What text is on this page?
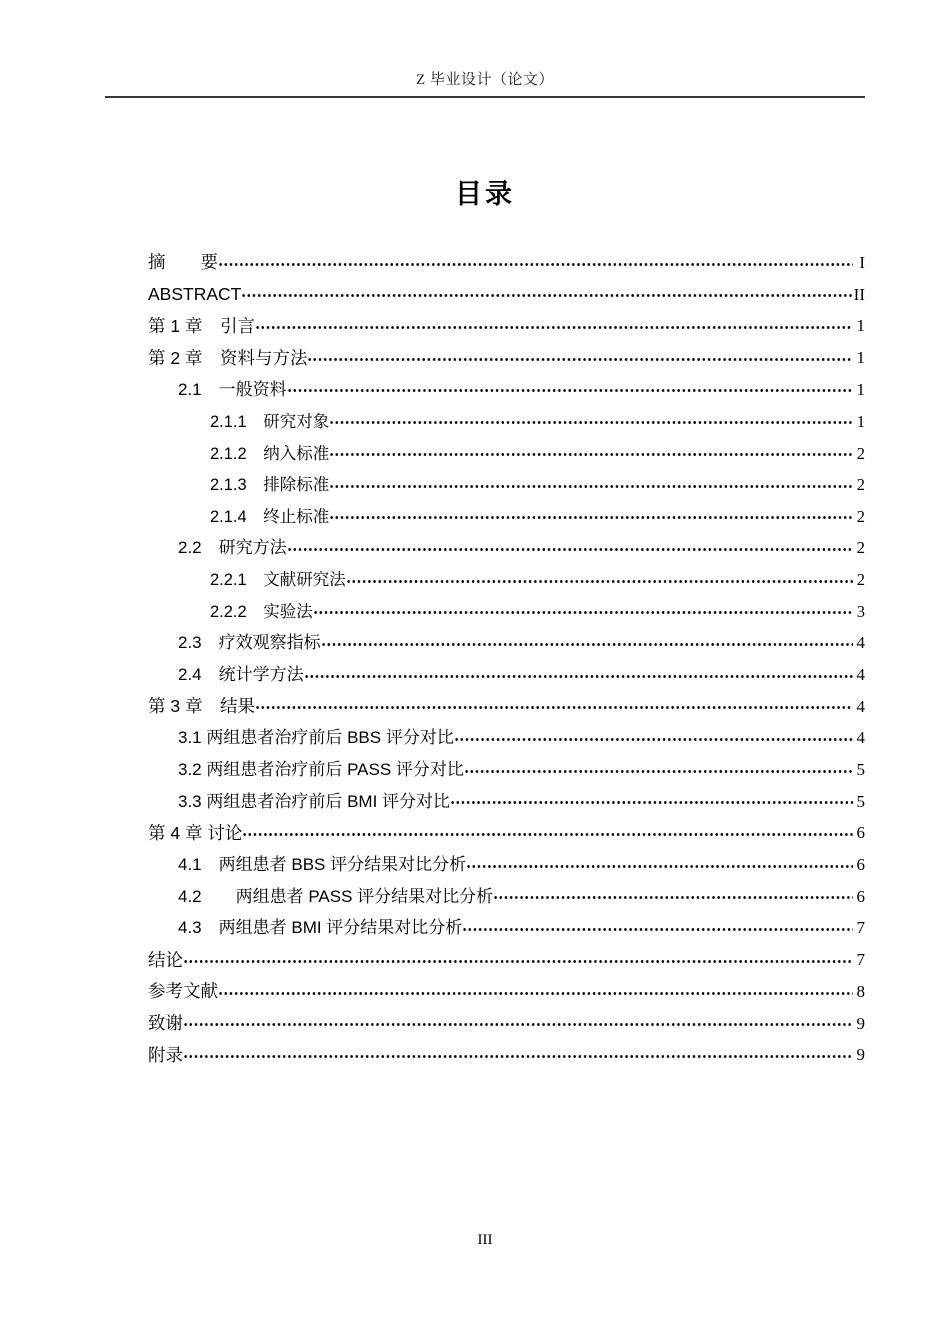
Z 毕业设计（论文）
目录
摘　　要	I
ABSTRACT	II
第 1 章　引言	1
第 2 章　资料与方法	1
2.1　一般资料	1
2.1.1　研究对象	1
2.1.2　纳入标准	2
2.1.3　排除标准	2
2.1.4　终止标准	2
2.2　研究方法	2
2.2.1　文献研究法	2
2.2.2　实验法	3
2.3　疗效观察指标	4
2.4　统计学方法	4
第 3 章　结果	4
3.1 两组患者治疗前后 BBS 评分对比	4
3.2 两组患者治疗前后 PASS 评分对比	5
3.3 两组患者治疗前后 BMI 评分对比	5
第 4 章 讨论	6
4.1　两组患者 BBS 评分结果对比分析	6
4.2　　两组患者 PASS 评分结果对比分析	6
4.3　两组患者 BMI 评分结果对比分析	7
结论	7
参考文献	8
致谢	9
附录	9
III
